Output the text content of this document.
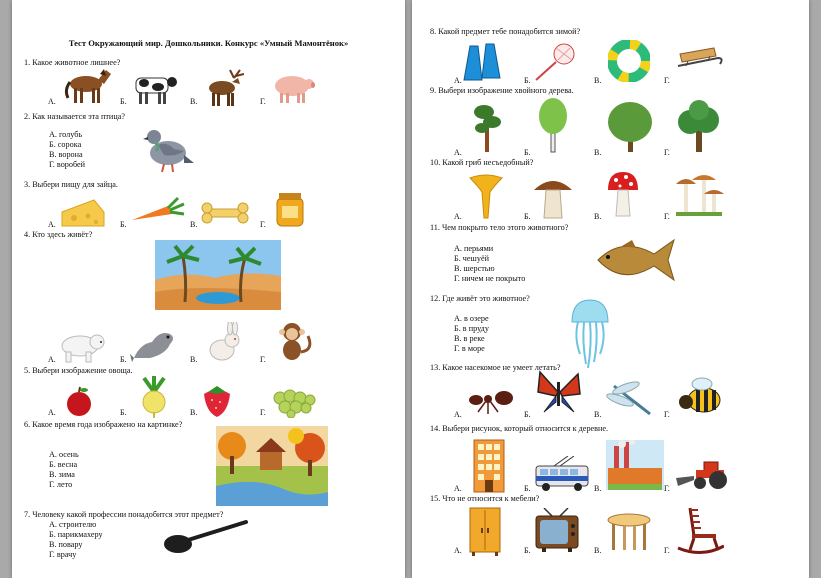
Тест Окружающий мир. Дошкольники. Конкурс «Умный Мамонтёнок»
1. Какое животное лишнее?
А.	Б.	В.	Г.
2. Как называется эта птица?
А. голубь
Б. сорока
В. ворона
Г. воробей
3. Выбери пищу для зайца.
А.	Б.	В.	Г.
4. Кто здесь живёт?
А.	Б.	В.	Г.
5. Выбери изображение овоща.
А.	Б.	В.	Г.
6. Какое время года изображено на картинке?
А. осень
Б. весна
В. зима
Г. лето
7. Человеку какой профессии понадобится этот предмет?
А. строителю
Б. парикмахеру
В. повару
Г. врачу
8. Какой предмет тебе понадобится зимой?
А.	Б.	В.	Г.
9. Выбери изображение хвойного дерева.
А.	Б.	В.	Г.
10. Какой гриб несъедобный?
А.	Б.	В.	Г.
11. Чем покрыто тело этого животного?
А. перьями
Б. чешуёй
В. шерстью
Г. ничем не покрыто
12. Где живёт это животное?
А. в озере
Б. в пруду
В. в реке
Г. в море
13. Какое насекомое не умеет летать?
А.	Б.	В.	Г.
14. Выбери рисунок, который относится к деревне.
А.	Б.	В.	Г.
15. Что не относится к мебели?
А.	Б.	В.	Г.
